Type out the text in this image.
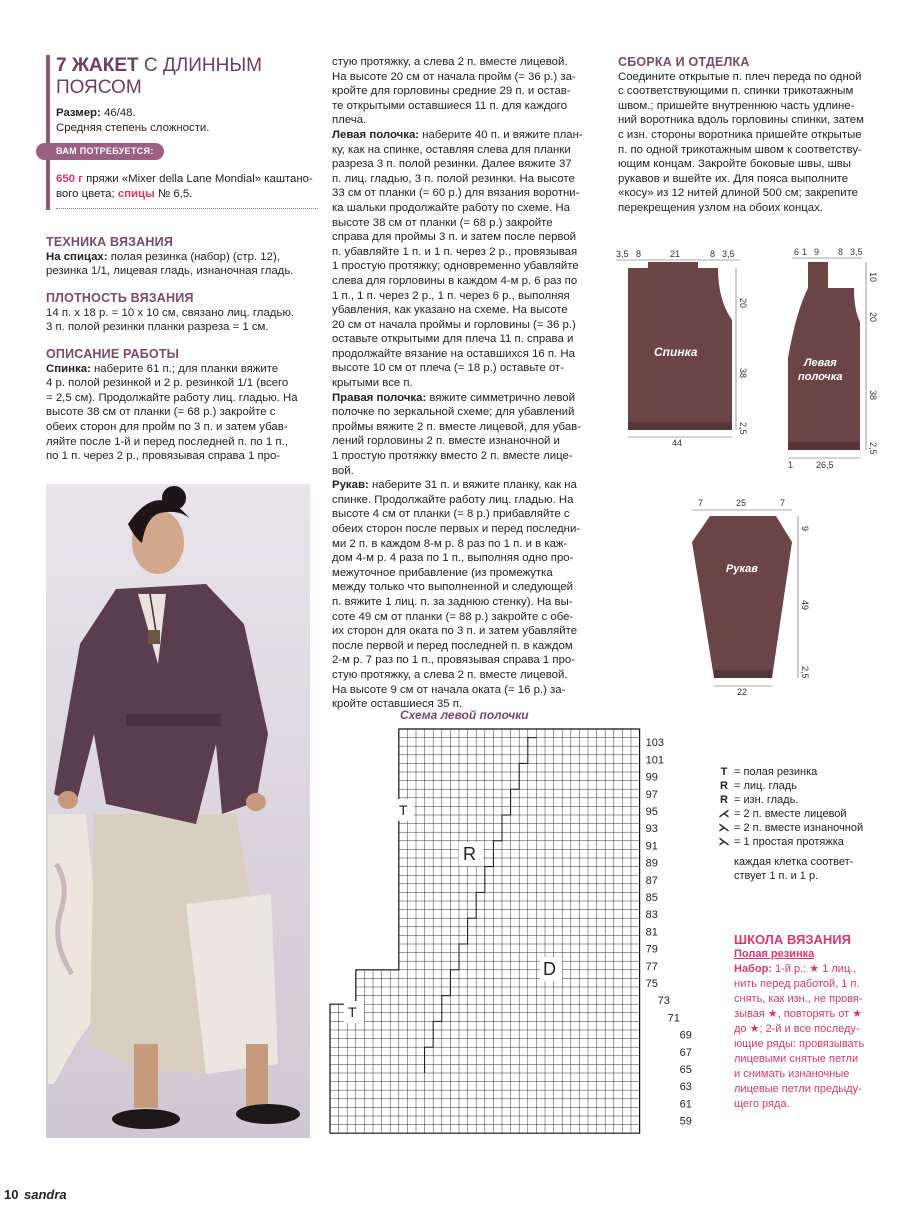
7 ЖАКЕТ С ДЛИННЫМ
ПОЯСОМ
Размер: 46/48.
Средняя степень сложности.
ВАМ ПОТРЕБУЕТСЯ:
650 г пряжи «Mixer della Lane Mondial» каштано-
вого цвета; спицы № 6,5.
ТЕХНИКА ВЯЗАНИЯ
На спицах: полая резинка (набор) (стр. 12),
резинка 1/1, лицевая гладь, изнаночная гладь.
ПЛОТНОСТЬ ВЯЗАНИЯ
14 п. х 18 р. = 10 х 10 см, связано лиц. гладью.
3 п. полой резинки планки разреза = 1 см.
ОПИСАНИЕ РАБОТЫ
Спинка: наберите 61 п.; для планки вяжите
4 р. полой резинкой и 2 р. резинкой 1/1 (всего
= 2,5 см). Продолжайте работу лиц. гладью. На
высоте 38 см от планки (= 68 р.) закройте с
обеих сторон для пройм по 3 п. и затем убав-
ляйте после 1-й и перед последней п. по 1 п.,
по 1 п. через 2 р., провязывая справа 1 про-

стую протяжку, а слева 2 п. вместе лицевой.
На высоте 20 см от начала пройм (= 36 р.) за-
кройте для горловины средние 29 п. и остав-
те открытыми оставшиеся 11 п. для каждого
плеча.

Левая полочка: наберите 40 п. и вяжите план-
ку, как на спинке, оставляя слева для планки
разреза 3 п. полой резинки. Далее вяжите 37
п. лиц. гладью, 3 п. полой резинки. На высоте
33 см от планки (= 60 р.) для вязания воротни-
ка шальки продолжайте работу по схеме. На
высоте 38 см от планки (= 68 р.) закройте
справа для проймы 3 п. и затем после первой
п. убавляйте 1 п. и 1 п. через 2 р., провязывая
1 простую протяжку; одновременно убавляйте
слева для горловины в каждом 4-м р. 6 раз по
1 п., 1 п. через 2 р., 1 п. через 6 р., выполняя
убавления, как указано на схеме. На высоте
20 см от начала проймы и горловины (= 36 р.)
оставьте открытыми для плеча 11 п. справа и
продолжайте вязание на оставшихся 16 п. На
высоте 10 см от плеча (= 18 р.) оставьте от-
крытыми все п.

Правая полочка: вяжите симметрично левой
полочке по зеркальной схеме; для убавлений
проймы вяжите 2 п. вместе лицевой, для убав-
лений горловины 2 п. вместе изнаночной и
1 простую протяжку вместо 2 п. вместе лице-
вой.

Рукав: наберите 31 п. и вяжите планку, как на
спинке. Продолжайте работу лиц. гладью. На
высоте 4 см от планки (= 8 р.) прибавляйте с
обеих сторон после первых и перед последни-
ми 2 п. в каждом 8-м р. 8 раз по 1 п. и в каж-
дом 4-м р. 4 раза по 1 п., выполняя одно про-
межуточное прибавление (из промежутка
между только что выполненной и следующей
п. вяжите 1 лиц. п. за заднюю стенку). На вы-
соте 49 см от планки (= 88 р.) закройте с обе-
их сторон для оката по 3 п. и затем убавляйте
после первой и перед последней п. в каждом
2-м р. 7 раз по 1 п., провязывая справа 1 про-
стую протяжку, а слева 2 п. вместе лицевой.
На высоте 9 см от начала оката (= 16 р.) за-
кройте оставшиеся 35 п.

СБОРКА И ОТДЕЛКА
Соедините открытые п. плеч переда по одной
с соответствующими п. спинки трикотажным
швом.; пришейте внутреннюю часть удлине-
ний воротника вдоль горловины спинки, затем
с изн. стороны воротника пришейте открытые
п. по одной трикотажным швом к соответству-
ющим концам. Закройте боковые швы, швы
рукавов и вшейте их. Для пояса выполните
«косу» из 12 нитей длиной 500 см; закрепите
перекрещения узлом на обоих концах.
3,5 8	21	8 3,5
20
38
2,5
44
Спинка
6 1 9 8 3,5
10
20
38
2,5
1	26,5
Левая
полочка
7	25	7
9
49
2,5
22
Рукав
Схема левой полочки
103
101
99
97
95
93
91
89
87
85
83
81
79
77
75
73
71
69
67
65
63
61
59
T
R
D
T
T = полая резинка
R = лиц. гладь
R = изн. гладь.
⋌ = 2 п. вместе лицевой
⋋ = 2 п. вместе изнаночной
⋋ = 1 простая протяжка
каждая клетка соответ-
ствует 1 п. и 1 р.
ШКОЛА ВЯЗАНИЯ
Полая резинка
Набор: 1-й р.: ★ 1 лиц.,
нить перед работой, 1 п.
снять, как изн., не провя-
зывая ★, повторять от ★
до ★; 2-й и все последу-
ющие ряды: провязывать
лицевыми снятые петли
и снимать изнаночные
лицевые петли предыду-
щего ряда.
10 sandra
